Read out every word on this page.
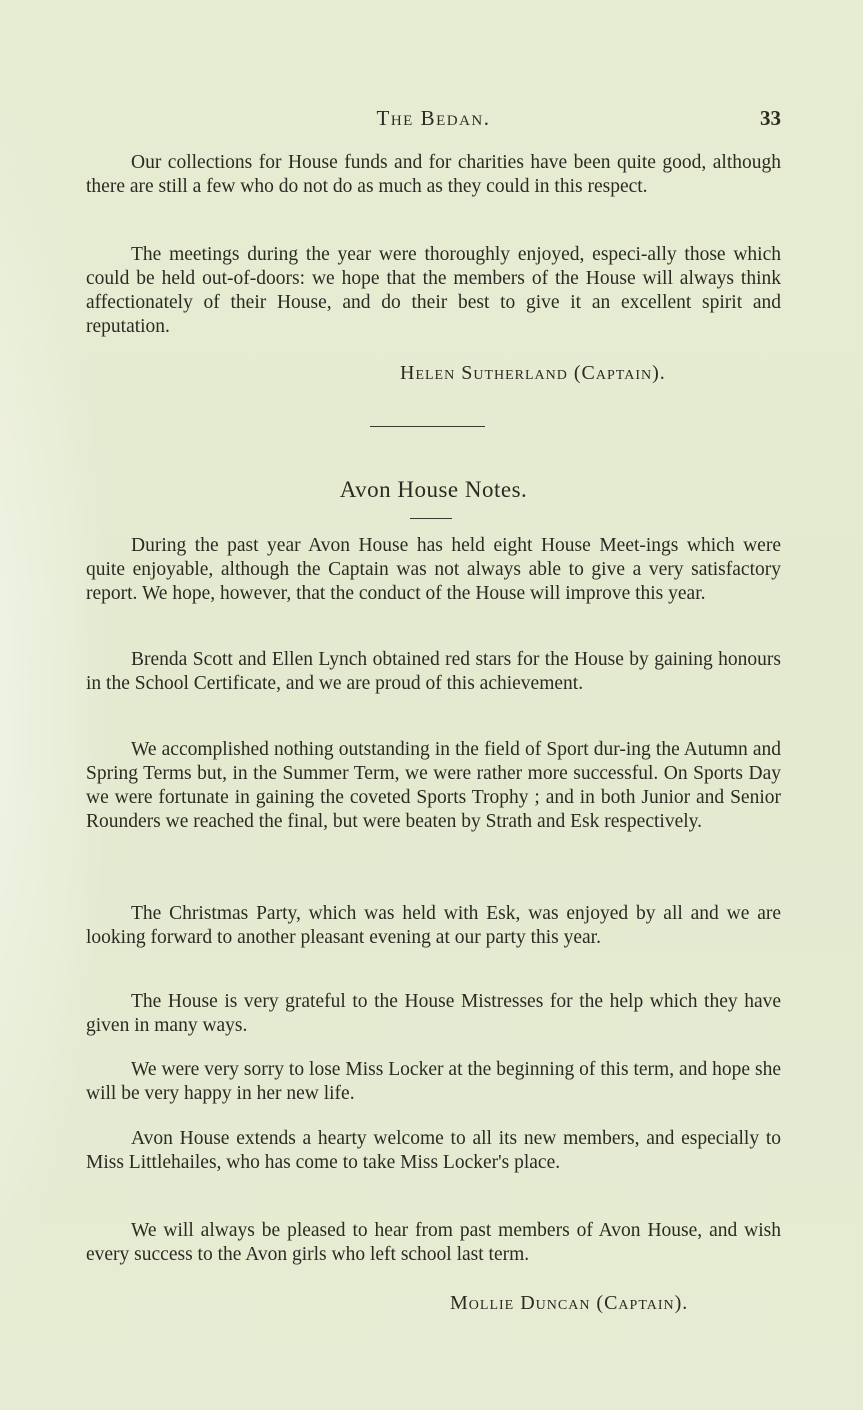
The Bedan.	33

Our collections for House funds and for charities have been quite good, although there are still a few who do not do as much as they could in this respect.

The meetings during the year were thoroughly enjoyed, especi-ally those which could be held out-of-doors: we hope that the members of the House will always think affectionately of their House, and do their best to give it an excellent spirit and reputation.

Helen Sutherland (Captain).
Avon House Notes.

During the past year Avon House has held eight House Meet-ings which were quite enjoyable, although the Captain was not always able to give a very satisfactory report. We hope, however, that the conduct of the House will improve this year.

Brenda Scott and Ellen Lynch obtained red stars for the House by gaining honours in the School Certificate, and we are proud of this achievement.

We accomplished nothing outstanding in the field of Sport dur-ing the Autumn and Spring Terms but, in the Summer Term, we were rather more successful. On Sports Day we were fortunate in gaining the coveted Sports Trophy ; and in both Junior and Senior Rounders we reached the final, but were beaten by Strath and Esk respectively.

The Christmas Party, which was held with Esk, was enjoyed by all and we are looking forward to another pleasant evening at our party this year.

The House is very grateful to the House Mistresses for the help which they have given in many ways.

We were very sorry to lose Miss Locker at the beginning of this term, and hope she will be very happy in her new life.

Avon House extends a hearty welcome to all its new members, and especially to Miss Littlehailes, who has come to take Miss Locker's place.

We will always be pleased to hear from past members of Avon House, and wish every success to the Avon girls who left school last term.

Mollie Duncan (Captain).
